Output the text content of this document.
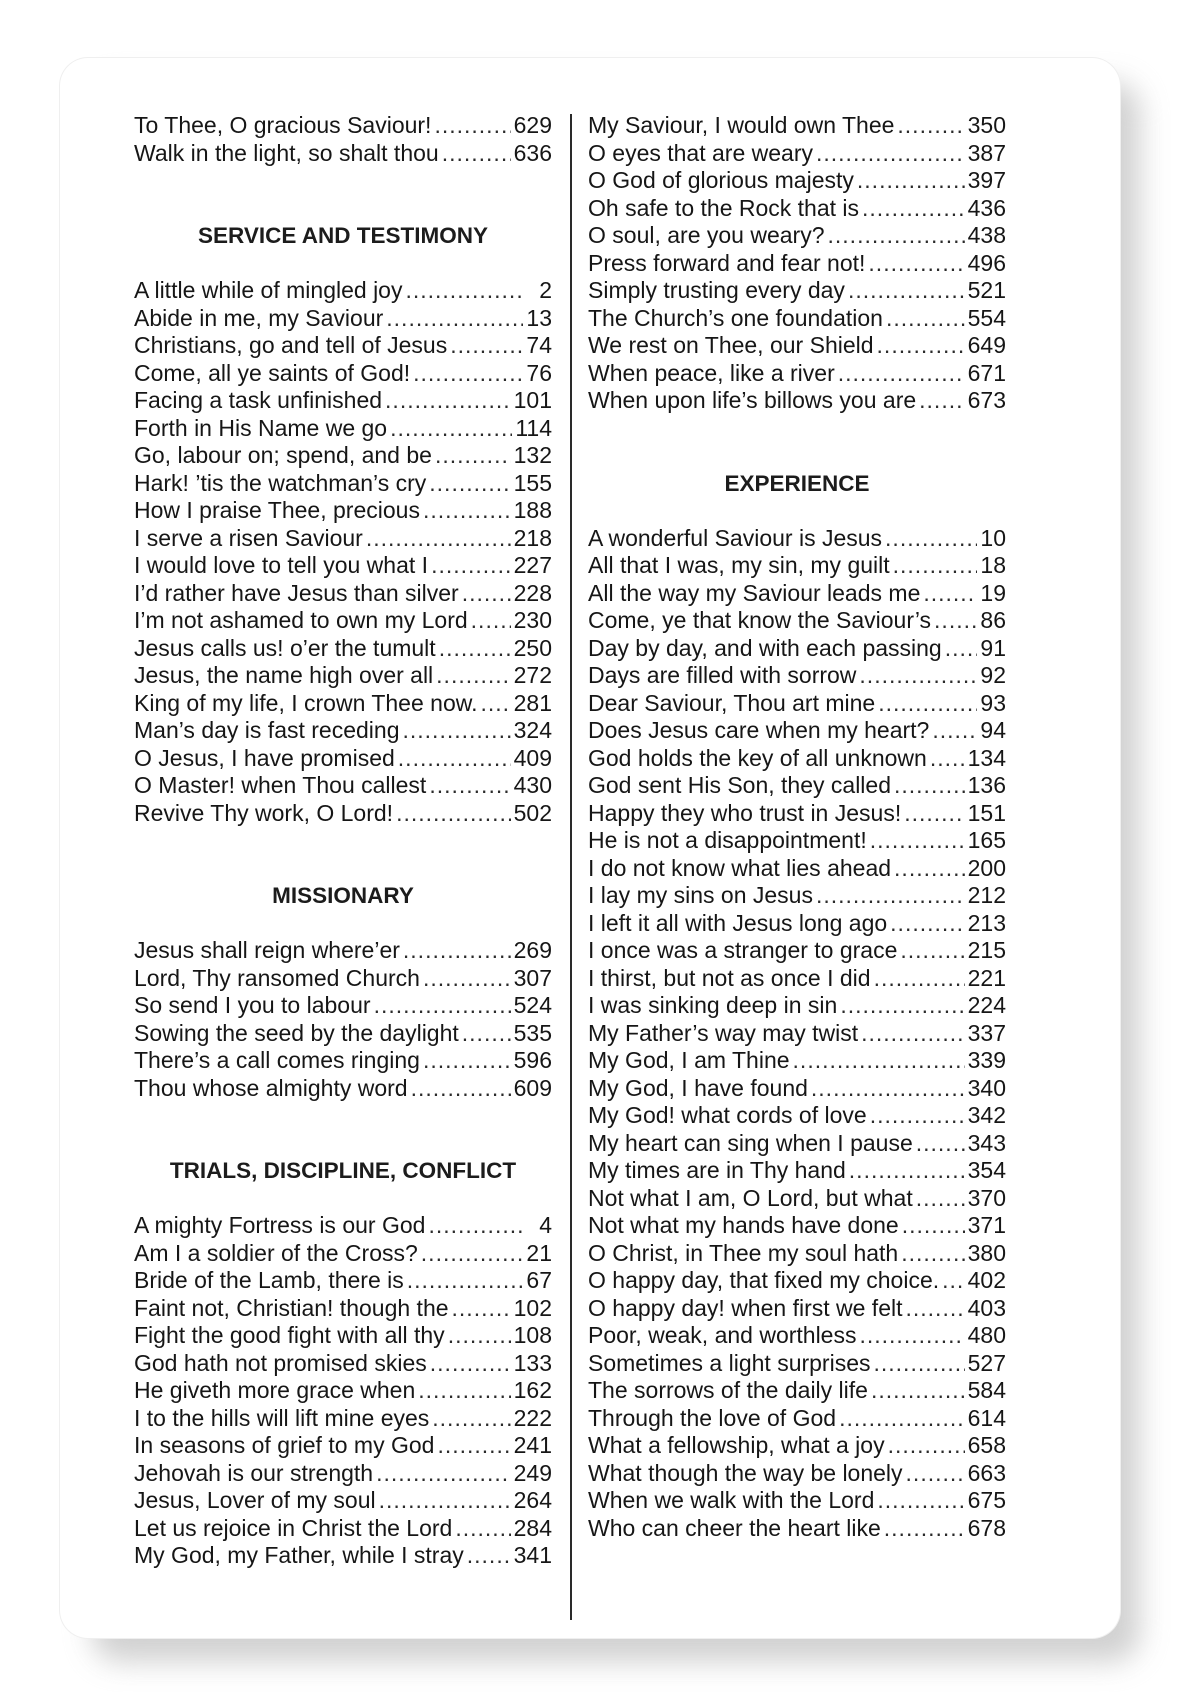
To Thee, O gracious Saviour! .....	629
Walk in the light, so shalt thou .....	636
SERVICE AND TESTIMONY
A little while of mingled joy .....	2
Abide in me, my Saviour .....	13
Christians, go and tell of Jesus .....	74
Come, all ye saints of God! .....	76
Facing a task unfinished .....	101
Forth in His Name we go .....	114
Go, labour on; spend, and be .....	132
Hark! ’tis the watchman’s cry .....	155
How I praise Thee, precious .....	188
I serve a risen Saviour .....	218
I would love to tell you what I .....	227
I’d rather have Jesus than silver ..... 228
I’m not ashamed to own my Lord ..... 230
Jesus calls us! o’er the tumult .....	250
Jesus, the name high over all .....	272
King of my life, I crown Thee now. ..... 281
Man’s day is fast receding .....	324
O Jesus, I have promised .....	409
O Master! when Thou callest .....	430
Revive Thy work, O Lord! .....	502
MISSIONARY
Jesus shall reign where’er .....	269
Lord, Thy ransomed Church .....	307
So send I you to labour .....	524
Sowing the seed by the daylight ..... 535
There’s a call comes ringing .....	596
Thou whose almighty word .....	609
TRIALS, DISCIPLINE, CONFLICT
A mighty Fortress is our God .....	4
Am I a soldier of the Cross? .....	21
Bride of the Lamb, there is .....	67
Faint not, Christian! though the .....	102
Fight the good fight with all thy .....	108
God hath not promised skies .....	133
He giveth more grace when .....	162
I to the hills will lift mine eyes .....	222
In seasons of grief to my God .....	241
Jehovah is our strength .....	249
Jesus, Lover of my soul .....	264
Let us rejoice in Christ the Lord .....	284
My God, my Father, while I stray ..... 341
My Saviour, I would own Thee .....	350
O eyes that are weary .....	387
O God of glorious majesty .....	397
Oh safe to the Rock that is .....	436
O soul, are you weary? .....	438
Press forward and fear not! .....	496
Simply trusting every day .....	521
The Church’s one foundation .....	554
We rest on Thee, our Shield .....	649
When peace, like a river .....	671
When upon life’s billows you are ..... 673
EXPERIENCE
A wonderful Saviour is Jesus .....	10
All that I was, my sin, my guilt .....	18
All the way my Saviour leads me .....	19
Come, ye that know the Saviour’s ..... 86
Day by day, and with each passing ..... 91
Days are filled with sorrow .....	92
Dear Saviour, Thou art mine .....	93
Does Jesus care when my heart? ..... 94
God holds the key of all unknown ..... 134
God sent His Son, they called .....	136
Happy they who trust in Jesus! .....	151
He is not a disappointment! .....	165
I do not know what lies ahead .....	200
I lay my sins on Jesus .....	212
I left it all with Jesus long ago .....	213
I once was a stranger to grace .....	215
I thirst, but not as once I did .....	221
I was sinking deep in sin .....	224
My Father’s way may twist .....	337
My God, I am Thine .....	339
My God, I have found .....	340
My God! what cords of love .....	342
My heart can sing when I pause ..... 343
My times are in Thy hand .....	354
Not what I am, O Lord, but what ..... 370
Not what my hands have done .....	371
O Christ, in Thee my soul hath .....	380
O happy day, that fixed my choice. ..... 402
O happy day! when first we felt .....	403
Poor, weak, and worthless .....	480
Sometimes a light surprises .....	527
The sorrows of the daily life .....	584
Through the love of God .....	614
What a fellowship, what a joy .....	658
What though the way be lonely .....	663
When we walk with the Lord .....	675
Who can cheer the heart like .....	678
